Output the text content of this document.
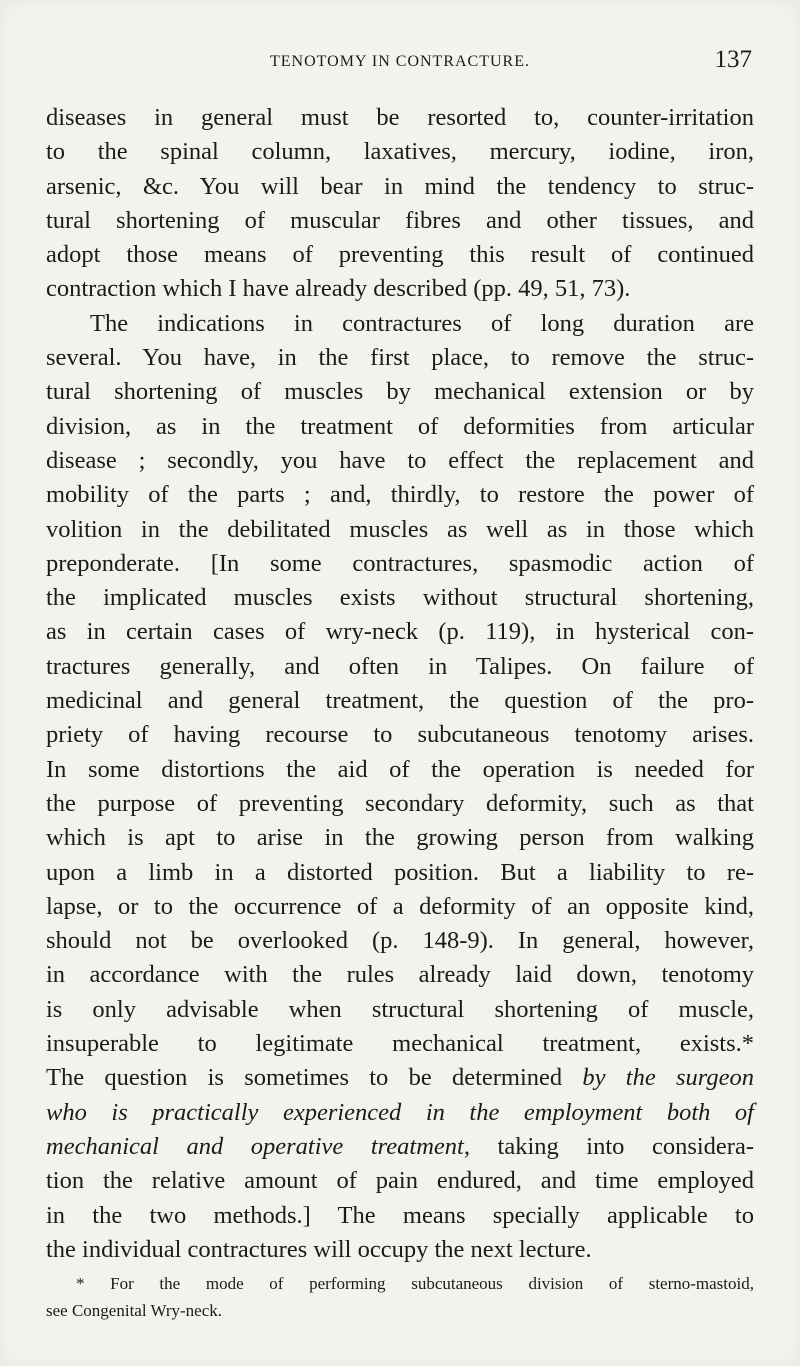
TENOTOMY IN CONTRACTURE.	137
diseases in general must be resorted to, counter-irritation
to the spinal column, laxatives, mercury, iodine, iron,
arsenic, &c. You will bear in mind the tendency to struc-
tural shortening of muscular fibres and other tissues, and
adopt those means of preventing this result of continued
contraction which I have already described (pp. 49, 51, 73).
The indications in contractures of long duration are
several. You have, in the first place, to remove the struc-
tural shortening of muscles by mechanical extension or by
division, as in the treatment of deformities from articular
disease ; secondly, you have to effect the replacement and
mobility of the parts ; and, thirdly, to restore the power of
volition in the debilitated muscles as well as in those which
preponderate. [In some contractures, spasmodic action of
the implicated muscles exists without structural shortening,
as in certain cases of wry-neck (p. 119), in hysterical con-
tractures generally, and often in Talipes. On failure of
medicinal and general treatment, the question of the pro-
priety of having recourse to subcutaneous tenotomy arises.
In some distortions the aid of the operation is needed for
the purpose of preventing secondary deformity, such as that
which is apt to arise in the growing person from walking
upon a limb in a distorted position. But a liability to re-
lapse, or to the occurrence of a deformity of an opposite kind,
should not be overlooked (p. 148-9). In general, however,
in accordance with the rules already laid down, tenotomy
is only advisable when structural shortening of muscle,
insuperable to legitimate mechanical treatment, exists.*
The question is sometimes to be determined by the surgeon
who is practically experienced in the employment both of
mechanical and operative treatment, taking into considera-
tion the relative amount of pain endured, and time employed
in the two methods.] The means specially applicable to
the individual contractures will occupy the next lecture.
* For the mode of performing subcutaneous division of sterno-mastoid,
see Congenital Wry-neck.
